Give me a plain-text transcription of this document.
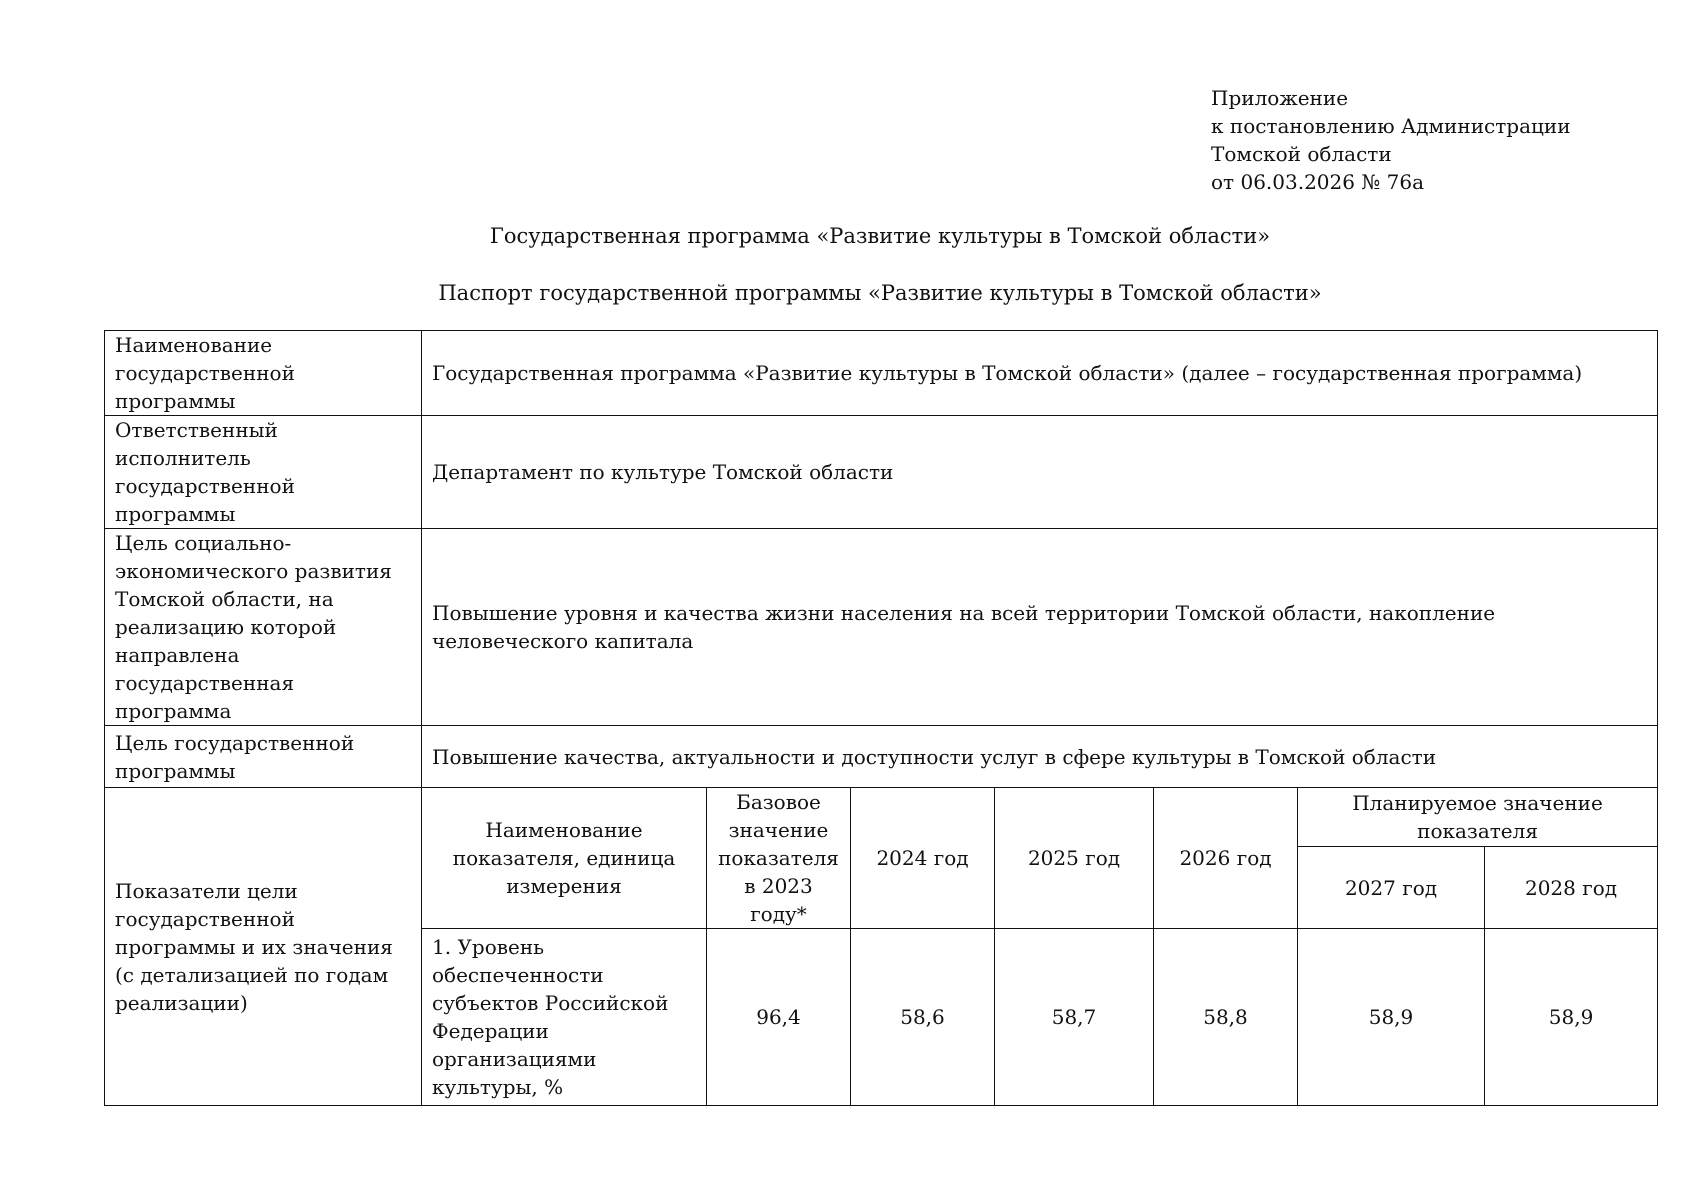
Приложение
к постановлению Администрации
Томской области
от 06.03.2026 № 76а
Государственная программа «Развитие культуры в Томской области»
Паспорт государственной программы «Развитие культуры в Томской области»
Наименование государственной программы	Государственная программа «Развитие культуры в Томской области» (далее – государственная программа)						
Ответственный исполнитель государственной программы	Департамент по культуре Томской области						
Цель социально-экономического развития Томской области, на реализацию которой направлена государственная программа	Повышение уровня и качества жизни населения на всей территории Томской области, накопление человеческого капитала						
Цель государственной программы	Повышение качества, актуальности и доступности услуг в сфере культуры в Томской области						
Показатели цели государственной программы и их значения (с детализацией по годам реализации)	Наименование показателя, единица измерения	Базовое значение показателя в 2023 году*	2024 год	2025 год	2026 год	Планируемое значение показателя	
						2027 год	2028 год
	1. Уровень обеспеченности субъектов Российской Федерации организациями культуры, %	96,4	58,6	58,7	58,8	58,9	58,9
